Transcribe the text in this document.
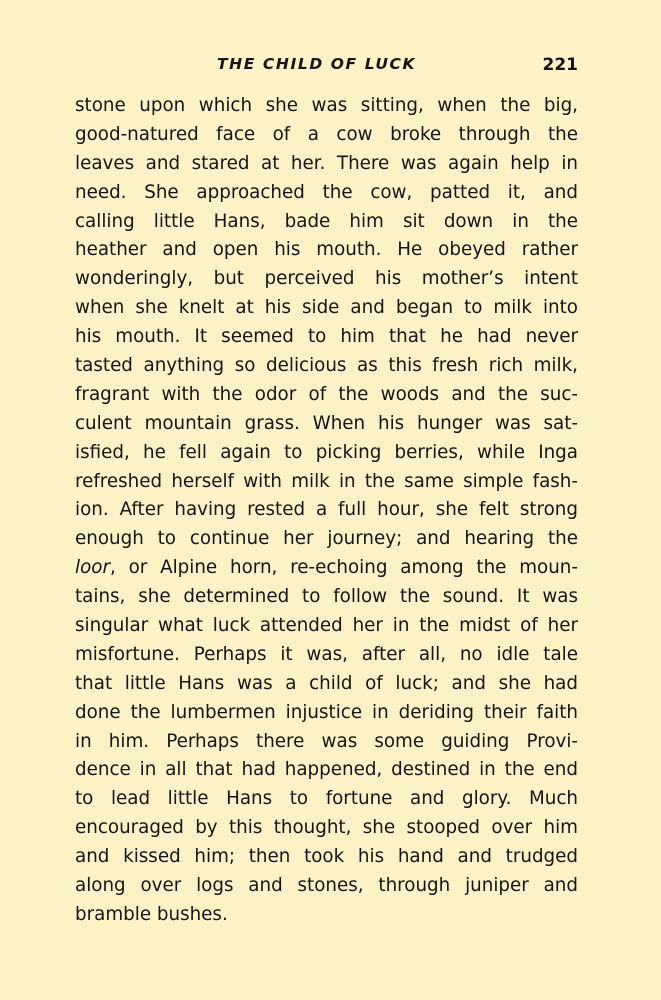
THE CHILD OF LUCK	221
stone upon which she was sitting, when the big,
good-natured face of a cow broke through the
leaves and stared at her. There was again help in
need. She approached the cow, patted it, and
calling little Hans, bade him sit down in the
heather and open his mouth. He obeyed rather
wonderingly, but perceived his mother’s intent
when she knelt at his side and began to milk into
his mouth. It seemed to him that he had never
tasted anything so delicious as this fresh rich milk,
fragrant with the odor of the woods and the suc-
culent mountain grass. When his hunger was sat-
isfied, he fell again to picking berries, while Inga
refreshed herself with milk in the same simple fash-
ion. After having rested a full hour, she felt strong
enough to continue her journey; and hearing the
loor, or Alpine horn, re-echoing among the moun-
tains, she determined to follow the sound. It was
singular what luck attended her in the midst of her
misfortune. Perhaps it was, after all, no idle tale
that little Hans was a child of luck; and she had
done the lumbermen injustice in deriding their faith
in him. Perhaps there was some guiding Provi-
dence in all that had happened, destined in the end
to lead little Hans to fortune and glory. Much
encouraged by this thought, she stooped over him
and kissed him; then took his hand and trudged
along over logs and stones, through juniper and
bramble bushes.
